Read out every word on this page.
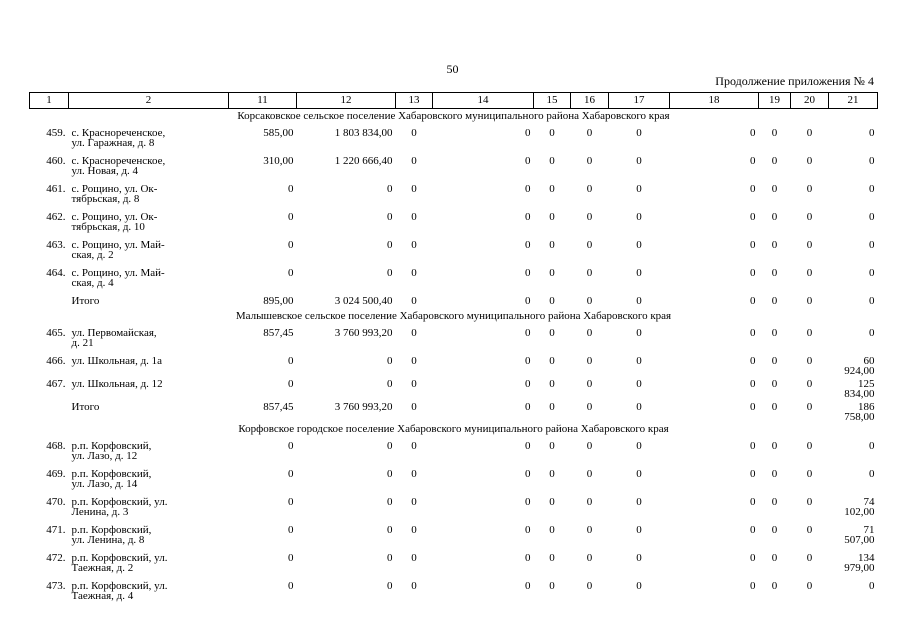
50
Продолжение приложения № 4
1	2	11	12	13	14	15	16	17	18	19	20	21
Корсаковское сельское поселение Хабаровского муниципального района Хабаровского края												
459.	с. Краснореченское,
ул. Гаражная, д. 8	585,00	1 803 834,00	0	0	0	0	0	0	0	0	0
460.	с. Краснореченское,
ул. Новая, д. 4	310,00	1 220 666,40	0	0	0	0	0	0	0	0	0
461.	с. Рощино, ул. Ок-
тябрьская, д. 8	0	0	0	0	0	0	0	0	0	0	0
462.	с. Рощино, ул. Ок-
тябрьская, д. 10	0	0	0	0	0	0	0	0	0	0	0
463.	с. Рощино, ул. Май-
ская, д. 2	0	0	0	0	0	0	0	0	0	0	0
464.	с. Рощино, ул. Май-
ская, д. 4	0	0	0	0	0	0	0	0	0	0	0

	Итого	895,00	3 024 500,40	0	0	0	0	0	0	0	0	0
Малышевское сельское поселение Хабаровского муниципального района Хабаровского края												
465.	ул. Первомайская,
д. 21	857,45	3 760 993,20	0	0	0	0	0	0	0	0	0
466.	ул. Школьная, д. 1а	0	0	0	0	0	0	0	0	0	0	60 924,00
467.	ул. Школьная, д. 12	0	0	0	0	0	0	0	0	0	0	125 834,00

	Итого	857,45	3 760 993,20	0	0	0	0	0	0	0	0	186 758,00
Корфовское городское поселение Хабаровского муниципального района Хабаровского края												
468.	р.п. Корфовский,
ул. Лазо, д. 12	0	0	0	0	0	0	0	0	0	0	0
469.	р.п. Корфовский,
ул. Лазо, д. 14	0	0	0	0	0	0	0	0	0	0	0
470.	р.п. Корфовский, ул.
Ленина, д. 3	0	0	0	0	0	0	0	0	0	0	74 102,00
471.	р.п. Корфовский,
ул. Ленина, д. 8	0	0	0	0	0	0	0	0	0	0	71 507,00
472.	р.п. Корфовский, ул.
Таежная, д. 2	0	0	0	0	0	0	0	0	0	0	134 979,00
473.	р.п. Корфовский, ул.
Таежная, д. 4	0	0	0	0	0	0	0	0	0	0	0
